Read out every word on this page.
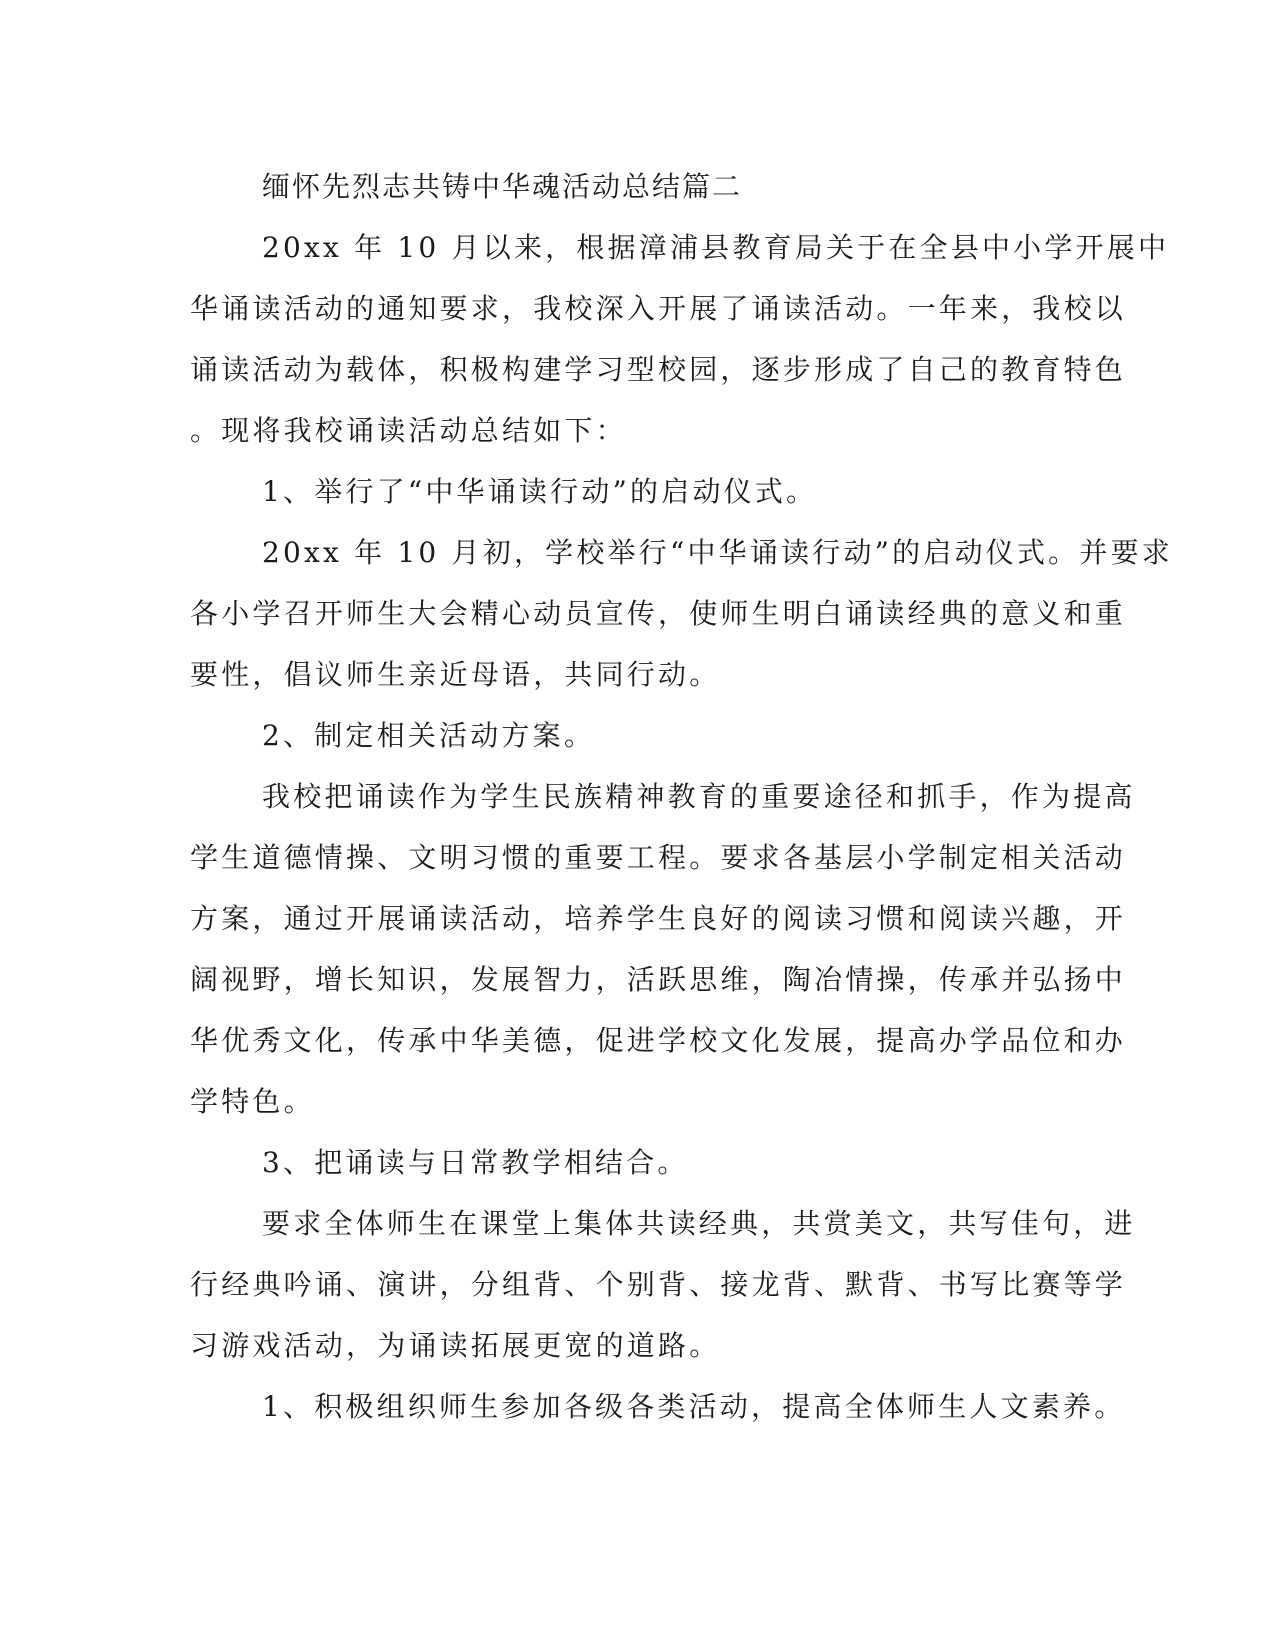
缅怀先烈志共铸中华魂活动总结篇二
20xx 年 10 月以来，根据漳浦县教育局关于在全县中小学开展中
华诵读活动的通知要求，我校深入开展了诵读活动。一年来，我校以
诵读活动为载体，积极构建学习型校园，逐步形成了自己的教育特色
。现将我校诵读活动总结如下：
1、举行了“中华诵读行动”的启动仪式。
20xx 年 10 月初，学校举行“中华诵读行动”的启动仪式。并要求
各小学召开师生大会精心动员宣传，使师生明白诵读经典的意义和重
要性，倡议师生亲近母语，共同行动。
2、制定相关活动方案。
我校把诵读作为学生民族精神教育的重要途径和抓手，作为提高
学生道德情操、文明习惯的重要工程。要求各基层小学制定相关活动
方案，通过开展诵读活动，培养学生良好的阅读习惯和阅读兴趣，开
阔视野，增长知识，发展智力，活跃思维，陶冶情操，传承并弘扬中
华优秀文化，传承中华美德，促进学校文化发展，提高办学品位和办
学特色。
3、把诵读与日常教学相结合。
要求全体师生在课堂上集体共读经典，共赏美文，共写佳句，进
行经典吟诵、演讲，分组背、个别背、接龙背、默背、书写比赛等学
习游戏活动，为诵读拓展更宽的道路。
1、积极组织师生参加各级各类活动，提高全体师生人文素养。
